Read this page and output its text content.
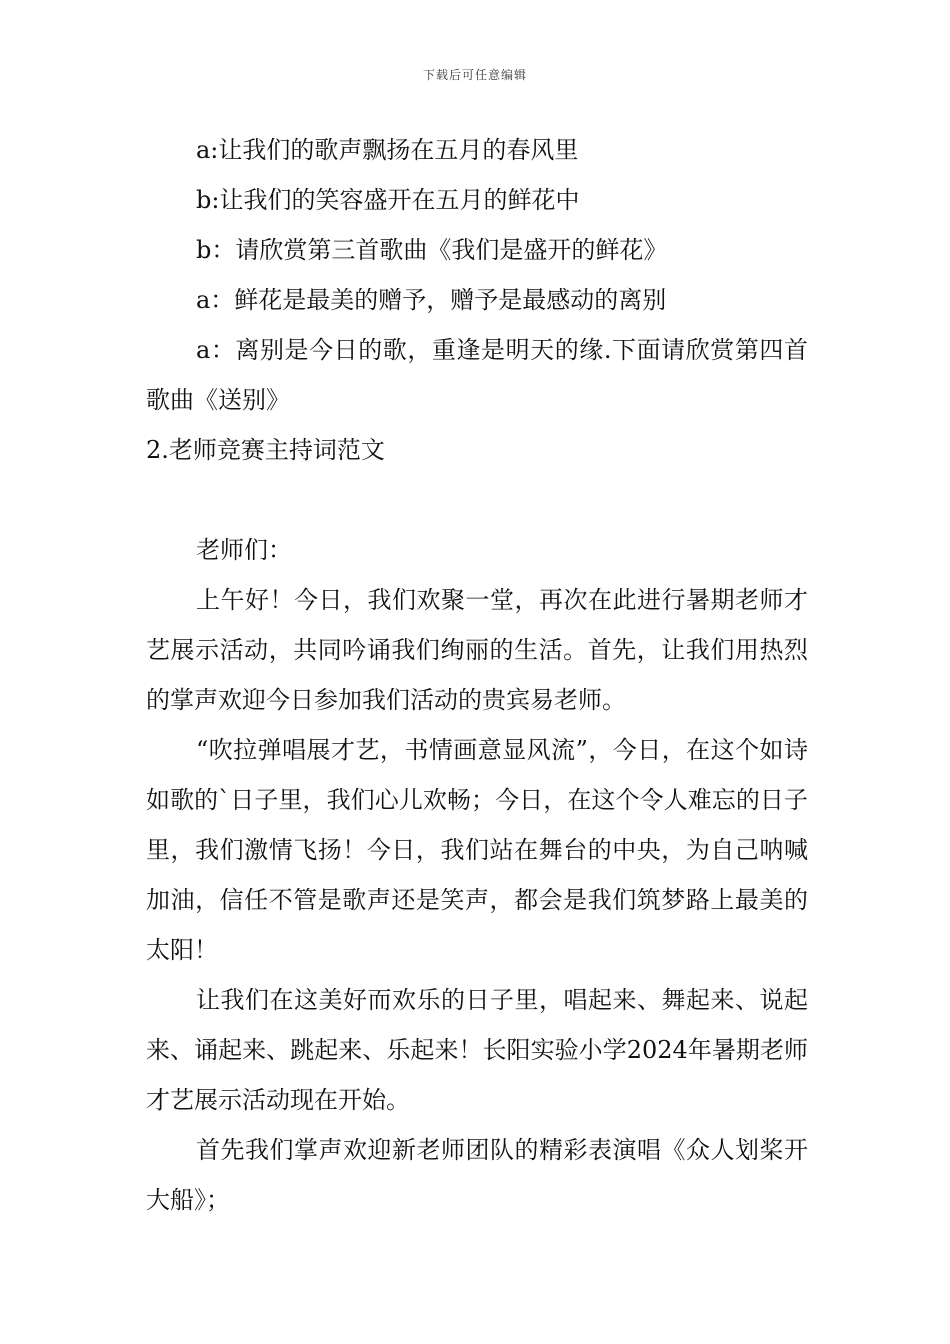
下载后可任意编辑

a:让我们的歌声飘扬在五月的春风里

b:让我们的笑容盛开在五月的鲜花中

b：请欣赏第三首歌曲《我们是盛开的鲜花》

a：鲜花是最美的赠予，赠予是最感动的离别

a：离别是今日的歌，重逢是明天的缘.下面请欣赏第四首歌曲《送别》

2.老师竞赛主持词范文

老师们：

上午好！今日，我们欢聚一堂，再次在此进行暑期老师才艺展示活动，共同吟诵我们绚丽的生活。首先，让我们用热烈的掌声欢迎今日参加我们活动的贵宾易老师。

“吹拉弹唱展才艺，书情画意显风流”，今日，在这个如诗如歌的`日子里，我们心儿欢畅；今日，在这个令人难忘的日子里，我们激情飞扬！今日，我们站在舞台的中央，为自己呐喊加油，信任不管是歌声还是笑声，都会是我们筑梦路上最美的太阳！

让我们在这美好而欢乐的日子里，唱起来、舞起来、说起来、诵起来、跳起来、乐起来！长阳实验小学2024年暑期老师才艺展示活动现在开始。

首先我们掌声欢迎新老师团队的精彩表演唱《众人划桨开大船》；
